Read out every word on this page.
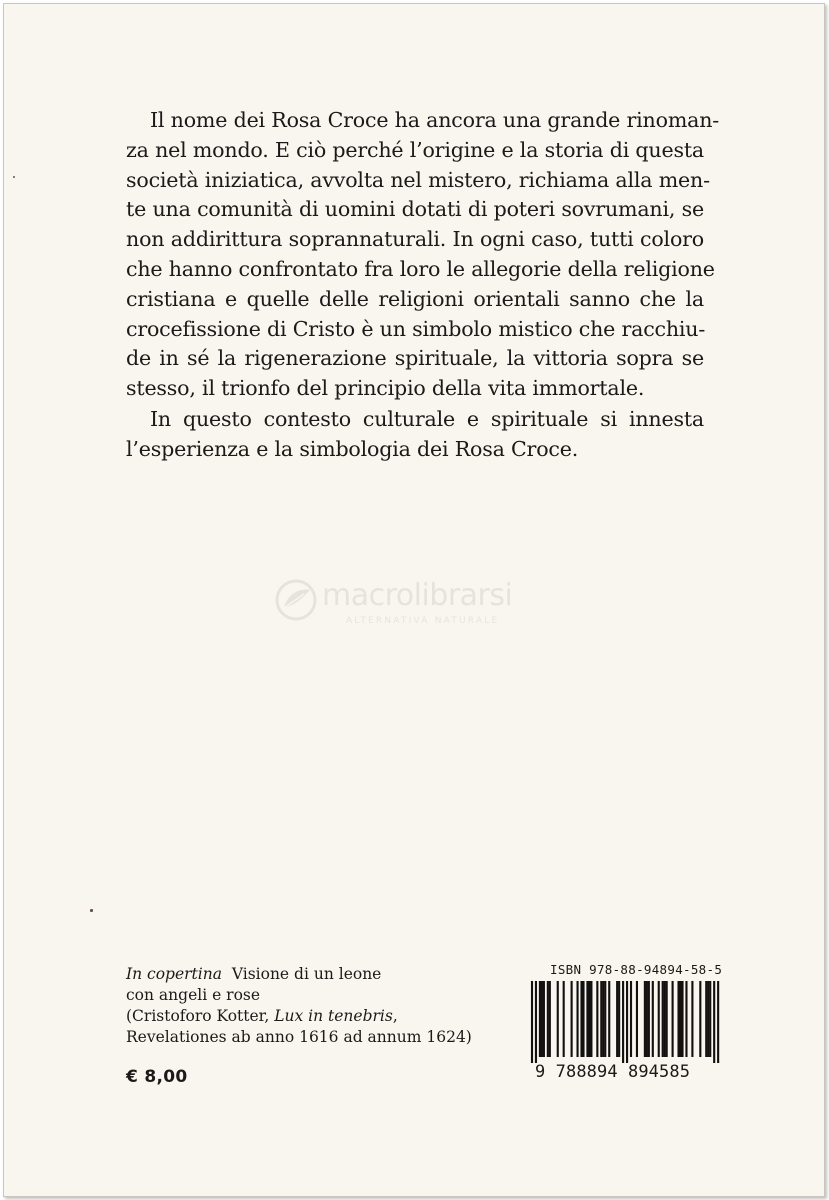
Il nome dei Rosa Croce ha ancora una grande rinoman-
za nel mondo. E ciò perché l’origine e la storia di questa
società iniziatica, avvolta nel mistero, richiama alla men-
te una comunità di uomini dotati di poteri sovrumani, se
non addirittura soprannaturali. In ogni caso, tutti coloro
che hanno confrontato fra loro le allegorie della religione
cristiana e quelle delle religioni orientali sanno che la
crocefissione di Cristo è un simbolo mistico che racchiu-
de in sé la rigenerazione spirituale, la vittoria sopra se
stesso, il trionfo del principio della vita immortale.

In questo contesto culturale e spirituale si innesta
l’esperienza e la simbologia dei Rosa Croce.

macrolibrarsi
ALTERNATIVA NATURALE
In copertina Visione di un leone
con angeli e rose
(Cristoforo Kotter, Lux in tenebris,
Revelationes ab anno 1616 ad annum 1624)
€ 8,00
ISBN 978-88-94894-58-5
9 788894 894585
